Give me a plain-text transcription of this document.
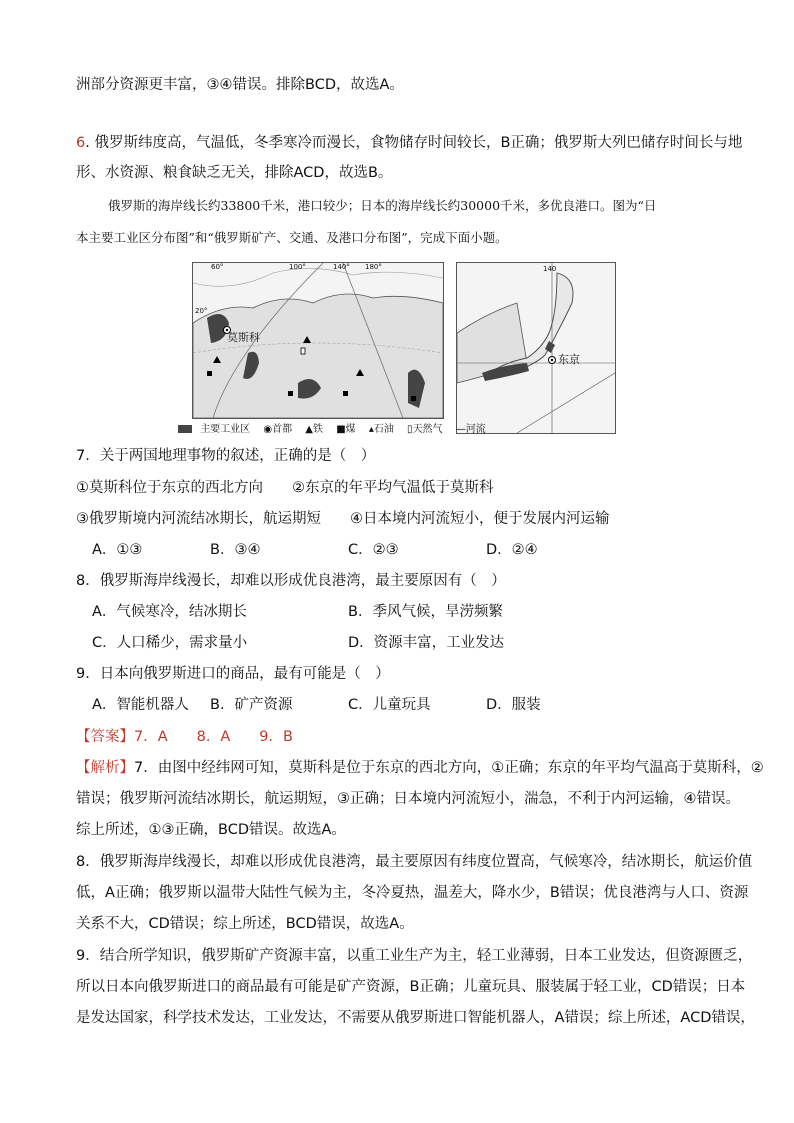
洲部分资源更丰富，③④错误。排除BCD，故选A。
6. 俄罗斯纬度高，气温低，冬季寒冷而漫长，食物储存时间较长，B正确；俄罗斯大列巴储存时间长与地
形、水资源、粮食缺乏无关，排除ACD，故选B。
俄罗斯的海岸线长约33800千米，港口较少；日本的海岸线长约30000千米，多优良港口。图为“日
本主要工业区分布图”和“俄罗斯矿产、交通、及港口分布图”，完成下面小题。
莫斯科
60°	100°	140° 180°
20°
东京
140
主要工业区 ◉首都 ▲铁 ■煤 ▴石油 ▯天然气 —河流
7．关于两国地理事物的叙述，正确的是（　）
①莫斯科位于东京的西北方向　　②东京的年平均气温低于莫斯科
③俄罗斯境内河流结冰期长，航运期短　　④日本境内河流短小，便于发展内河运输
A．①③	B．③④	C．②③	D．②④
8．俄罗斯海岸线漫长，却难以形成优良港湾，最主要原因有（　）
A．气候寒冷，结冰期长	B．季风气候，旱涝频繁
C．人口稀少，需求量小	D．资源丰富，工业发达
9．日本向俄罗斯进口的商品，最有可能是（　）
A．智能机器人 B．矿产资源	C．儿童玩具	D．服装
【答案】7．A　　8．A　　9．B
【解析】7．由图中经纬网可知，莫斯科是位于东京的西北方向，①正确；东京的年平均气温高于莫斯科，②
错误；俄罗斯河流结冰期长，航运期短，③正确；日本境内河流短小，湍急，不利于内河运输，④错误。
综上所述，①③正确，BCD错误。故选A。
8．俄罗斯海岸线漫长，却难以形成优良港湾，最主要原因有纬度位置高，气候寒冷，结冰期长，航运价值
低，A正确；俄罗斯以温带大陆性气候为主，冬冷夏热，温差大，降水少，B错误；优良港湾与人口、资源
关系不大，CD错误；综上所述，BCD错误，故选A。
9．结合所学知识，俄罗斯矿产资源丰富，以重工业生产为主，轻工业薄弱，日本工业发达，但资源匮乏，
所以日本向俄罗斯进口的商品最有可能是矿产资源，B正确；儿童玩具、服装属于轻工业，CD错误；日本
是发达国家，科学技术发达，工业发达，不需要从俄罗斯进口智能机器人，A错误；综上所述，ACD错误，
